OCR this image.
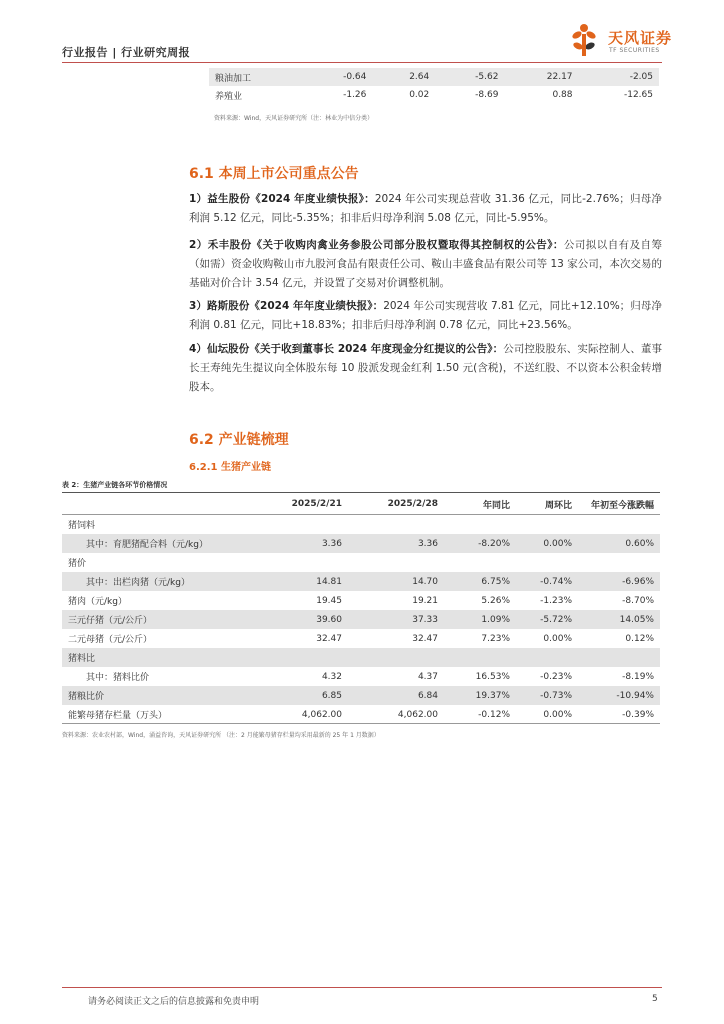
行业报告 | 行业研究周报
天风证券
TF SECURITIES
粮油加工	-0.64	2.64	-5.62	22.17	-2.05
养殖业	-1.26	0.02	-8.69	0.88	-12.65
资料来源：Wind，天风证券研究所（注：林业为中信分类）
6.1 本周上市公司重点公告
1）益生股份《2024 年度业绩快报》：2024 年公司实现总营收 31.36 亿元，同比-2.76%；归母净利润 5.12 亿元，同比-5.35%；扣非后归母净利润 5.08 亿元，同比-5.95%。
2）禾丰股份《关于收购肉禽业务参股公司部分股权暨取得其控制权的公告》：公司拟以自有及自筹（如需）资金收购鞍山市九股河食品有限责任公司、鞍山丰盛食品有限公司等 13 家公司，本次交易的基础对价合计 3.54 亿元，并设置了交易对价调整机制。
3）路斯股份《2024 年年度业绩快报》：2024 年公司实现营收 7.81 亿元，同比+12.10%；归母净利润 0.81 亿元，同比+18.83%；扣非后归母净利润 0.78 亿元，同比+23.56%。
4）仙坛股份《关于收到董事长 2024 年度现金分红提议的公告》：公司控股股东、实际控制人、董事长王寿纯先生提议向全体股东每 10 股派发现金红利 1.50 元(含税)，不送红股、不以资本公积金转增股本。
6.2 产业链梳理
6.2.1 生猪产业链
表 2：生猪产业链各环节价格情况
	2025/2/21	2025/2/28	年同比	周环比	年初至今涨跌幅
猪饲料					
其中：育肥猪配合料（元/kg）	3.36	3.36	-8.20%	0.00%	0.60%
猪价					
其中：出栏肉猪（元/kg）	14.81	14.70	6.75%	-0.74%	-6.96%
猪肉（元/kg）	19.45	19.21	5.26%	-1.23%	-8.70%
三元仔猪（元/公斤）	39.60	37.33	1.09%	-5.72%	14.05%
二元母猪（元/公斤）	32.47	32.47	7.23%	0.00%	0.12%
猪料比					
其中：猪料比价	4.32	4.37	16.53%	-0.23%	-8.19%
猪粮比价	6.85	6.84	19.37%	-0.73%	-10.94%
能繁母猪存栏量（万头）	4,062.00	4,062.00	-0.12%	0.00%	-0.39%
资料来源：农业农村部，Wind，涌益咨询，天风证券研究所 （注：2 月能繁母猪存栏量均采用最新的 25 年 1 月数据）
请务必阅读正文之后的信息披露和免责申明	5
